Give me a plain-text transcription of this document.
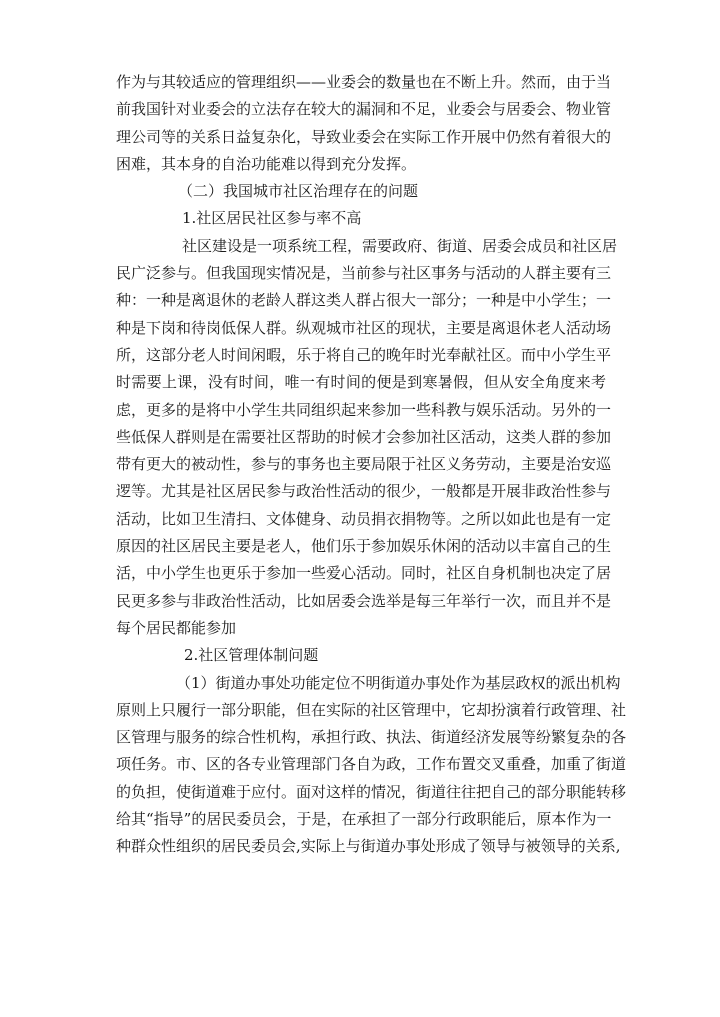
作为与其较适应的管理组织——业委会的数量也在不断上升。然而，由于当
前我国针对业委会的立法存在较大的漏洞和不足，业委会与居委会、物业管
理公司等的关系日益复杂化，导致业委会在实际工作开展中仍然有着很大的
困难，其本身的自治功能难以得到充分发挥。
（二）我国城市社区治理存在的问题
1.社区居民社区参与率不高
社区建设是一项系统工程，需要政府、街道、居委会成员和社区居
民广泛参与。但我国现实情况是，当前参与社区事务与活动的人群主要有三
种：一种是离退休的老龄人群这类人群占很大一部分；一种是中小学生；一
种是下岗和待岗低保人群。纵观城市社区的现状，主要是离退休老人活动场
所，这部分老人时间闲暇，乐于将自己的晚年时光奉献社区。而中小学生平
时需要上课，没有时间，唯一有时间的便是到寒暑假，但从安全角度来考
虑，更多的是将中小学生共同组织起来参加一些科教与娱乐活动。另外的一
些低保人群则是在需要社区帮助的时候才会参加社区活动，这类人群的参加
带有更大的被动性，参与的事务也主要局限于社区义务劳动，主要是治安巡
逻等。尤其是社区居民参与政治性活动的很少，一般都是开展非政治性参与
活动，比如卫生清扫、文体健身、动员捐衣捐物等。之所以如此也是有一定
原因的社区居民主要是老人，他们乐于参加娱乐休闲的活动以丰富自己的生
活，中小学生也更乐于参加一些爱心活动。同时，社区自身机制也决定了居
民更多参与非政治性活动，比如居委会选举是每三年举行一次，而且并不是
每个居民都能参加
2.社区管理体制问题
（1）街道办事处功能定位不明街道办事处作为基层政权的派出机构
原则上只履行一部分职能，但在实际的社区管理中，它却扮演着行政管理、社
区管理与服务的综合性机构，承担行政、执法、街道经济发展等纷繁复杂的各
项任务。市、区的各专业管理部门各自为政，工作布置交叉重叠，加重了街道
的负担，使街道难于应付。面对这样的情况，街道往往把自己的部分职能转移
给其“指导”的居民委员会，于是，在承担了一部分行政职能后，原本作为一
种群众性组织的居民委员会,实际上与街道办事处形成了领导与被领导的关系,
